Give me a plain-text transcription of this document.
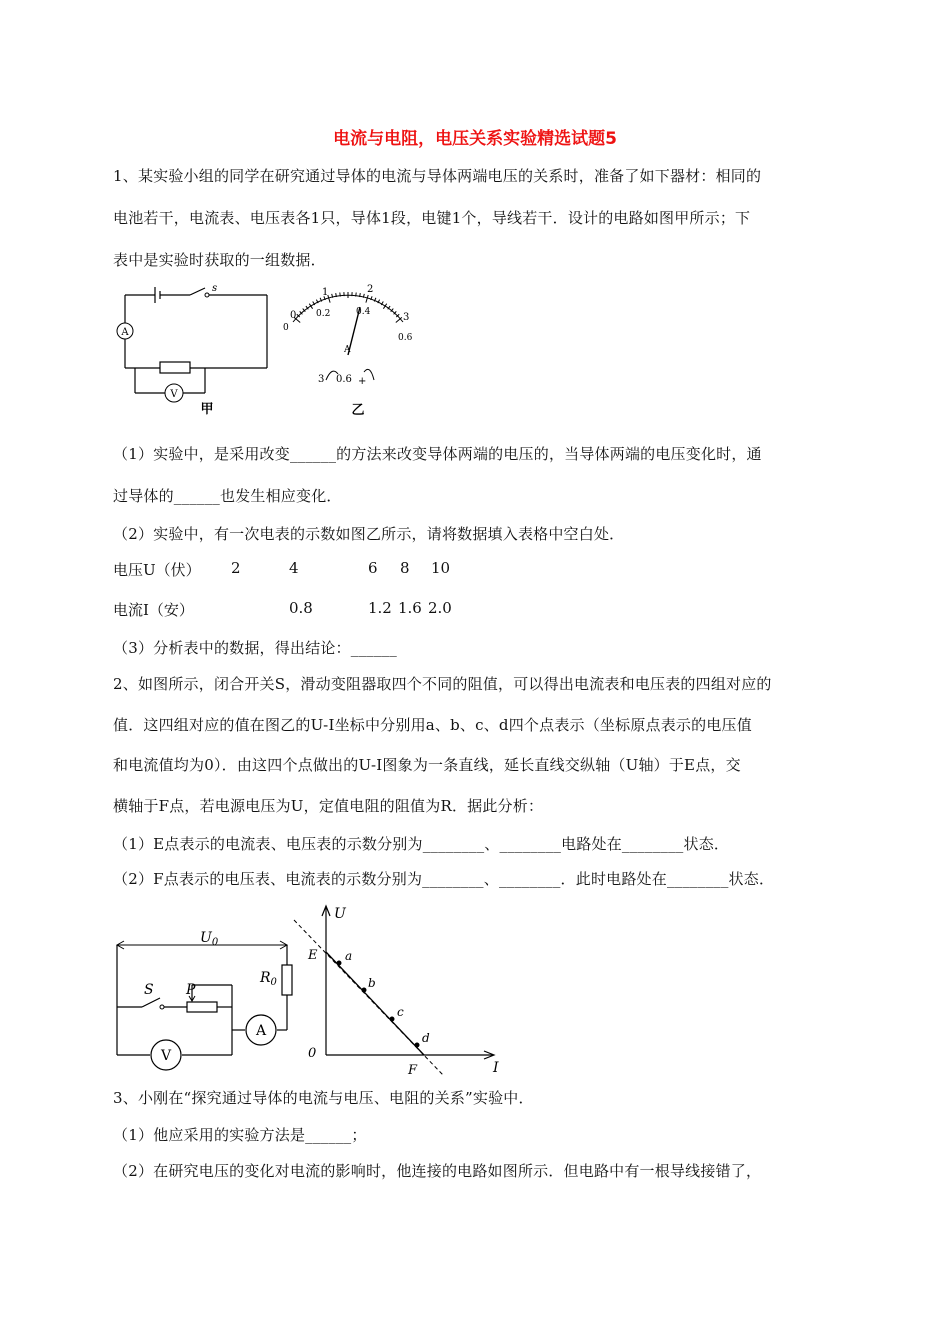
电流与电阻，电压关系实验精选试题5
1、某实验小组的同学在研究通过导体的电流与导体两端电压的关系时，准备了如下器材：相同的
电池若干，电流表、电压表各1只，导体1段，电键1个，导线若干．设计的电路如图甲所示；下
表中是实验时获取的一组数据．
s
A
V
甲
0
1	2
3
0
0.2	0.4
0.6
A
3 0.6 +
乙
（1）实验中，是采用改变______的方法来改变导体两端的电压的，当导体两端的电压变化时，通
过导体的______也发生相应变化．
（2）实验中，有一次电表的示数如图乙所示，请将数据填入表格中空白处．
电压U（伏） 2	4	6 8 10
电流I（安）	0.8	1.2 1.6 2.0
（3）分析表中的数据，得出结论：______
2、如图所示，闭合开关S，滑动变阻器取四个不同的阻值，可以得出电流表和电压表的四组对应的
值．这四组对应的值在图乙的U-I坐标中分别用a、b、c、d四个点表示（坐标原点表示的电压值
和电流值均为0）．由这四个点做出的U-I图象为一条直线，延长直线交纵轴（U轴）于E点，交
横轴于F点，若电源电压为U，定值电阻的阻值为R．据此分析：
（1）E点表示的电流表、电压表的示数分别为________、________电路处在________状态．
（2）F点表示的电压表、电流表的示数分别为________、________．此时电路处在________状态．
$U_0$
S P
$R_0$
A
V
U
I
0
E
F
a
b
c
d
3、小刚在“探究通过导体的电流与电压、电阻的关系”实验中．
（1）他应采用的实验方法是______；
（2）在研究电压的变化对电流的影响时，他连接的电路如图所示．但电路中有一根导线接错了，
